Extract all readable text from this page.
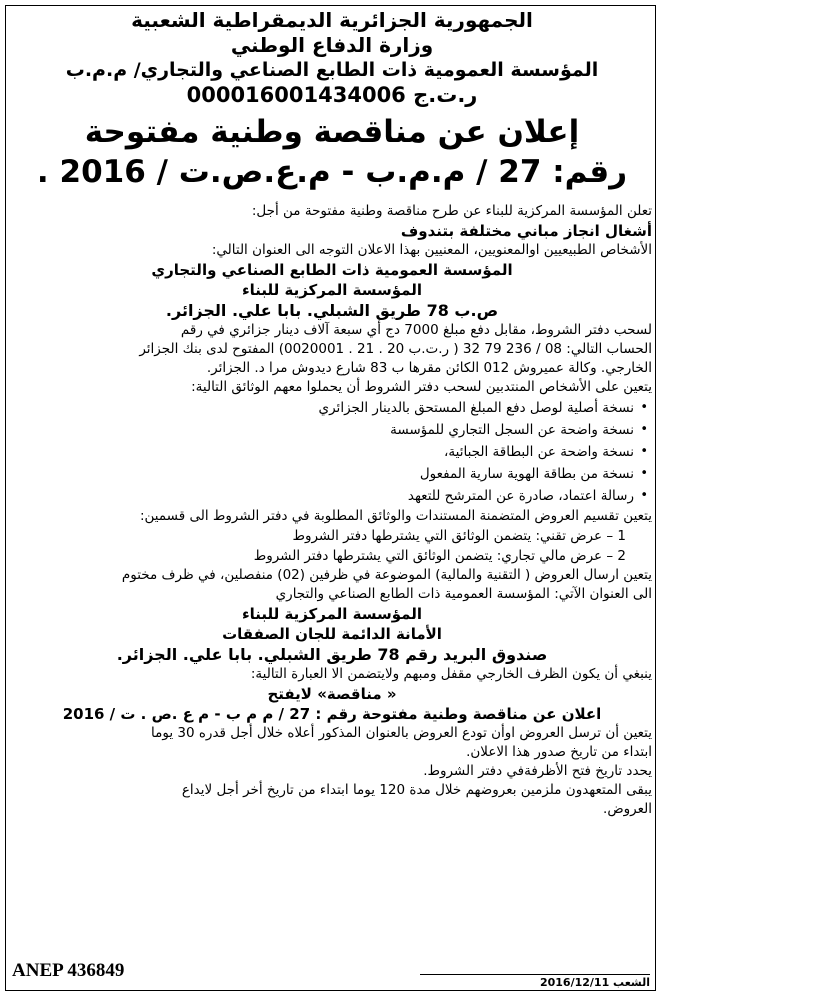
الجمهورية الجزائرية الديمقراطية الشعبية

وزارة الدفاع الوطني

المؤسسة العمومية ذات الطابع الصناعي والتجاري/ م.م.ب

ر.ت.ج 000016001434006

إعلان عن مناقصة وطنية مفتوحة

رقم: 27 / م.م.ب - م.ع.ص.ت / 2016 .

تعلن المؤسسة المركزية للبناء عن طرح مناقصة وطنية مفتوحة من أجل:

أشغال انجاز مباني مختلفة بتندوف

الأشخاص الطبيعيين اوالمعنويين، المعنيين بهذا الاعلان التوجه الى العنوان التالي:

المؤسسة العمومية ذات الطابع الصناعي والتجاري

المؤسسة المركزية للبناء

ص.ب 78 طريق الشبلي. بابا علي. الجزائر.

لسحب دفتر الشروط، مقابل دفع مبلغ 7000 دج أي سبعة آلاف دينار جزائري في رقم

الحساب التالي: 08 / 236 79 32 ( ر.ت.ب 20 . 21 . 0020001) المفتوح لدى بنك الجزائر

الخارجي. وكالة عميروش 012 الكائن مقرها ب 83 شارع ديدوش مرا د. الجزائر.

يتعين على الأشخاص المنتدبين لسحب دفتر الشروط أن يحملوا معهم الوثائق التالية:

•
نسخة أصلية لوصل دفع المبلغ المستحق بالدينار الجزائري
•
نسخة واضحة عن السجل التجاري للمؤسسة
•
نسخة واضحة عن البطاقة الجبائية،
•
نسخة من بطاقة الهوية سارية المفعول
•
رسالة اعتماد، صادرة عن المترشح للتعهد

يتعين تقسيم العروض المتضمنة المستندات والوثائق المطلوبة في دفتر الشروط الى قسمين:

1 – عرض تقني: يتضمن الوثائق التي يشترطها دفتر الشروط

2 – عرض مالي تجاري: يتضمن الوثائق التي يشترطها دفتر الشروط

يتعين ارسال العروض ( التقنية والمالية) الموضوعة في ظرفين (02) منفصلين، في ظرف مختوم

الى العنوان الآتي: المؤسسة العمومية ذات الطابع الصناعي والتجاري

المؤسسة المركزية للبناء

الأمانة الدائمة للجان الصفقات

صندوق البريد رقم 78 طريق الشبلي. بابا علي. الجزائر.

ينبغي أن يكون الظرف الخارجي مقفل ومبهم ولايتضمن الا العبارة التالية:

« مناقصة» لايفتح

اعلان عن مناقصة وطنية مفتوحة رقم : 27 / م م ب - م ع .ص . ت / 2016

يتعين أن ترسل العروض اوأن تودع العروض بالعنوان المذكور أعلاه خلال أجل قدره 30 يوما

ابتداء من تاريخ صدور هذا الاعلان.

يحدد تاريخ فتح الأظرفةفي دفتر الشروط.

يبقى المتعهدون ملزمين بعروضهم خلال مدة 120 يوما ابتداء من تاريخ أخر أجل لايداع

العروض.

ANEP 436849
الشعب 2016/12/11
